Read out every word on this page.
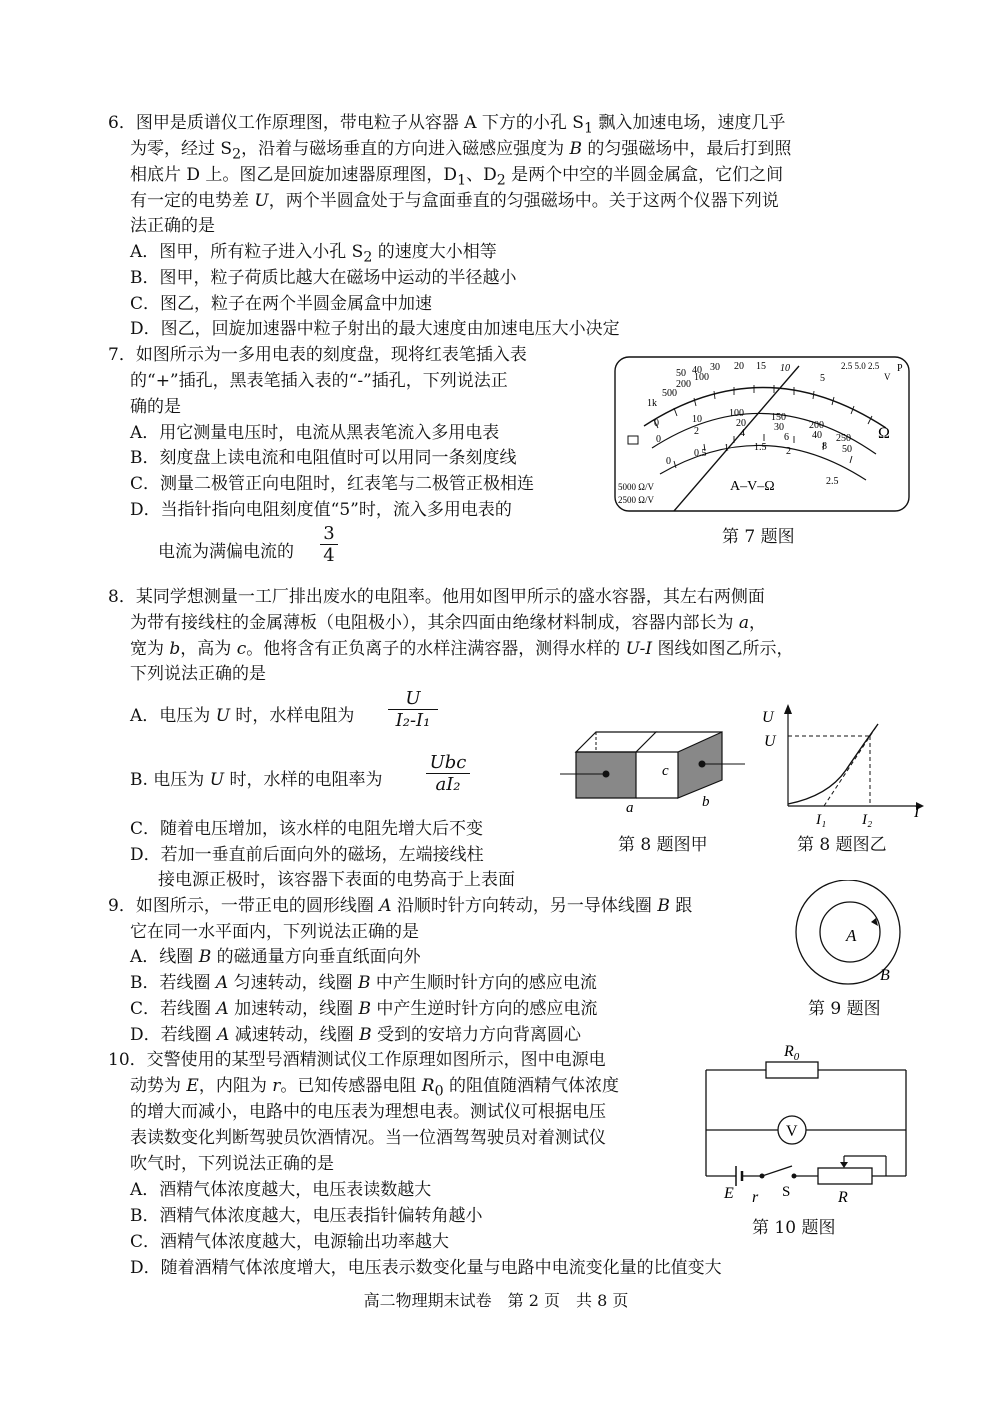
6．图甲是质谱仪工作原理图，带电粒子从容器 A 下方的小孔 $S_1$ 飘入加速电场，速度几乎
为零，经过 $S_2$，沿着与磁场垂直的方向进入磁感应强度为 B 的匀强磁场中，最后打到照
相底片 D 上。图乙是回旋加速器原理图，$D_1$、$D_2$ 是两个中空的半圆金属盒，它们之间
有一定的电势差 U，两个半圆盒处于与盒面垂直的匀强磁场中。关于这两个仪器下列说
法正确的是
A．图甲，所有粒子进入小孔 $S_2$ 的速度大小相等
B．图甲，粒子荷质比越大在磁场中运动的半径越小
C．图乙，粒子在两个半圆金属盒中加速
D．图乙，回旋加速器中粒子射出的最大速度由加速电压大小决定
7．如图所示为一多用电表的刻度盘，现将红表笔插入表
的“+”插孔，黑表笔插入表的“-”插孔，下列说法正
确的是
A．用它测量电压时，电流从黑表笔流入多用电表
B．刻度盘上读电流和电阻值时可以用同一条刻度线
C．测量二极管正向电阻时，红表笔与二极管正极相连
D．当指针指向电阻刻度值“5”时，流入多用电表的
电流为满偏电流的 $\frac{3}{4}$
1k
500
200
100
50 40 30 20 15 10
5
2.5 5.0 2.5
V
P
100	150
200
250
20	30
40
50
0	10
0
2	4	6
8
0
0.5 1	1.5 2
2.5
A–V–Ω
Ω
5000 Ω/V
2500 Ω/V
第 7 题图
8．某同学想测量一工厂排出废水的电阻率。他用如图甲所示的盛水容器，其左右两侧面
为带有接线柱的金属薄板（电阻极小），其余四面由绝缘材料制成，容器内部长为 a，
宽为 b，高为 c。他将含有正负离子的水样注满容器，测得水样的 U-I 图线如图乙所示，
下列说法正确的是
A．电压为 U 时，水样电阻为 $\frac{U}{\text{I₂-I₁}}$
B. 电压为 U 时，水样的电阻率为
Ubc
aI₂
C．随着电压增加，该水样的电阻先增大后不变
D．若加一垂直前后面向外的磁场，左端接线柱
接电源正极时，该容器下表面的电势高于上表面
c
a	b
第 8 题图甲
U
U
I
I₁ I₂
第 8 题图乙
9．如图所示，一带正电的圆形线圈 A 沿顺时针方向转动，另一导体线圈 B 跟
它在同一水平面内，下列说法正确的是
A．线圈 B 的磁通量方向垂直纸面向外
B．若线圈 A 匀速转动，线圈 B 中产生顺时针方向的感应电流
C．若线圈 A 加速转动，线圈 B 中产生逆时针方向的感应电流
D．若线圈 A 减速转动，线圈 B 受到的安培力方向背离圆心
A
B
第 9 题图
10．交警使用的某型号酒精测试仪工作原理如图所示，图中电源电
动势为 E，内阻为 r。已知传感器电阻 $R_0$ 的阻值随酒精气体浓度
的增大而减小，电路中的电压表为理想电表。测试仪可根据电压
表读数变化判断驾驶员饮酒情况。当一位酒驾驾驶员对着测试仪
吹气时，下列说法正确的是
A．酒精气体浓度越大，电压表读数越大
B．酒精气体浓度越大，电压表指针偏转角越小
C．酒精气体浓度越大，电源输出功率越大
D．随着酒精气体浓度增大，电压表示数变化量与电路中电流变化量的比值变大
$R_0$
V
E r S	R
第 10 题图
高二物理期末试卷　第 2 页　共 8 页
